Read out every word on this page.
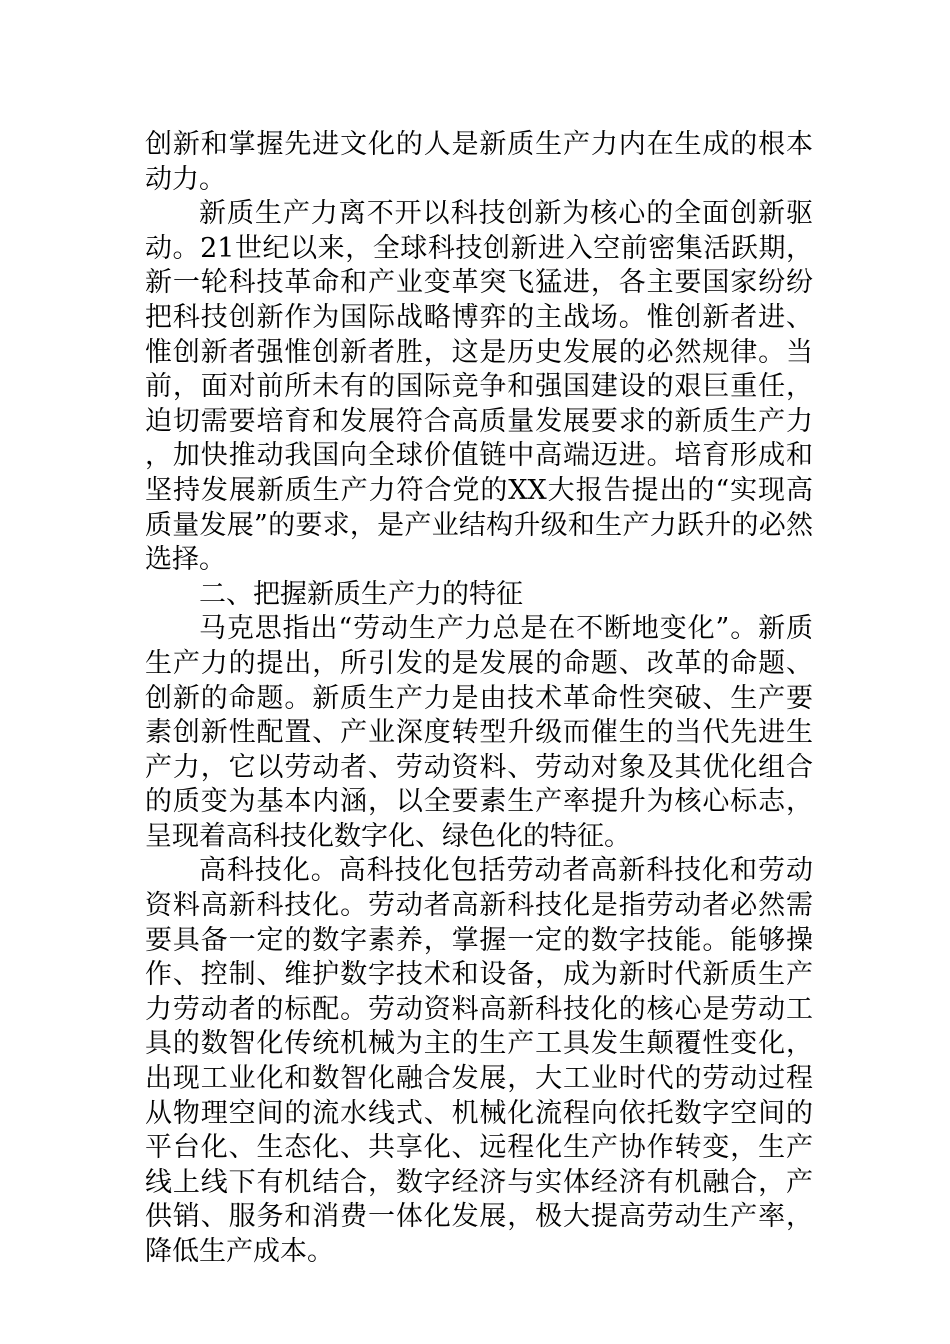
创新和掌握先进文化的人是新质生产力内在生成的根本动力。

新质生产力离不开以科技创新为核心的全面创新驱动。21世纪以来，全球科技创新进入空前密集活跃期，新一轮科技革命和产业变革突飞猛进，各主要国家纷纷把科技创新作为国际战略博弈的主战场。惟创新者进、惟创新者强惟创新者胜，这是历史发展的必然规律。当前，面对前所未有的国际竞争和强国建设的艰巨重任，迫切需要培育和发展符合高质量发展要求的新质生产力，加快推动我国向全球价值链中高端迈进。培育形成和坚持发展新质生产力符合党的XX大报告提出的“实现高质量发展”的要求，是产业结构升级和生产力跃升的必然选择。

二、把握新质生产力的特征

马克思指出“劳动生产力总是在不断地变化”。新质生产力的提出，所引发的是发展的命题、改革的命题、创新的命题。新质生产力是由技术革命性突破、生产要素创新性配置、产业深度转型升级而催生的当代先进生产力，它以劳动者、劳动资料、劳动对象及其优化组合的质变为基本内涵，以全要素生产率提升为核心标志，呈现着高科技化数字化、绿色化的特征。

高科技化。高科技化包括劳动者高新科技化和劳动资料高新科技化。劳动者高新科技化是指劳动者必然需要具备一定的数字素养，掌握一定的数字技能。能够操作、控制、维护数字技术和设备，成为新时代新质生产力劳动者的标配。劳动资料高新科技化的核心是劳动工具的数智化传统机械为主的生产工具发生颠覆性变化，出现工业化和数智化融合发展，大工业时代的劳动过程从物理空间的流水线式、机械化流程向依托数字空间的平台化、生态化、共享化、远程化生产协作转变，生产线上线下有机结合，数字经济与实体经济有机融合，产供销、服务和消费一体化发展，极大提高劳动生产率，降低生产成本。
